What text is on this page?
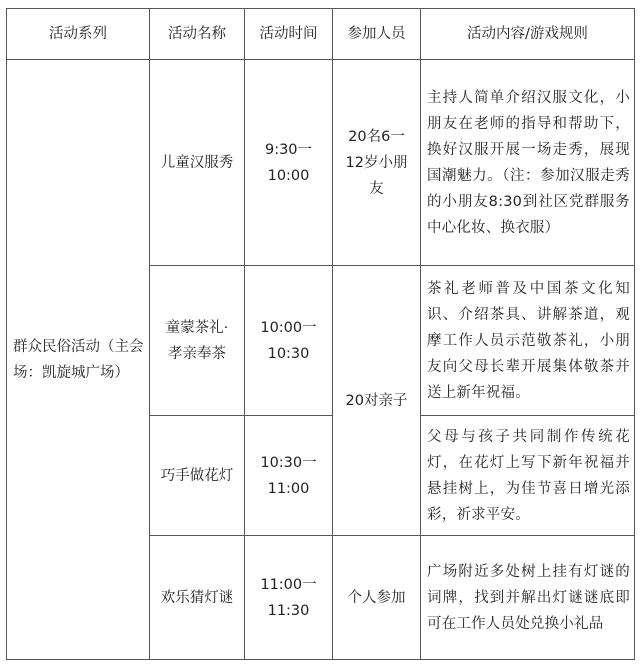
活动系列	活动名称	活动时间	参加人员	活动内容/游戏规则
群众民俗活动（主会场：凯旋城广场）	儿童汉服秀	9:30一10:00	20名6一12岁小朋友	主持人简单介绍汉服文化，小朋友在老师的指导和帮助下，换好汉服开展一场走秀，展现国潮魅力。（注：参加汉服走秀的小朋友8:30到社区党群服务中心化妆、换衣服）
	童蒙茶礼·孝亲奉茶	10:00一10:30	20对亲子	茶礼老师普及中国茶文化知识、介绍茶具、讲解茶道，观摩工作人员示范敬茶礼，小朋友向父母长辈开展集体敬茶并送上新年祝福。
	巧手做花灯	10:30一11:00		父母与孩子共同制作传统花灯，在花灯上写下新年祝福并悬挂树上，为佳节喜日增光添彩，祈求平安。
	欢乐猜灯谜	11:00一11:30	个人参加	广场附近多处树上挂有灯谜的词牌，找到并解出灯谜谜底即可在工作人员处兑换小礼品
